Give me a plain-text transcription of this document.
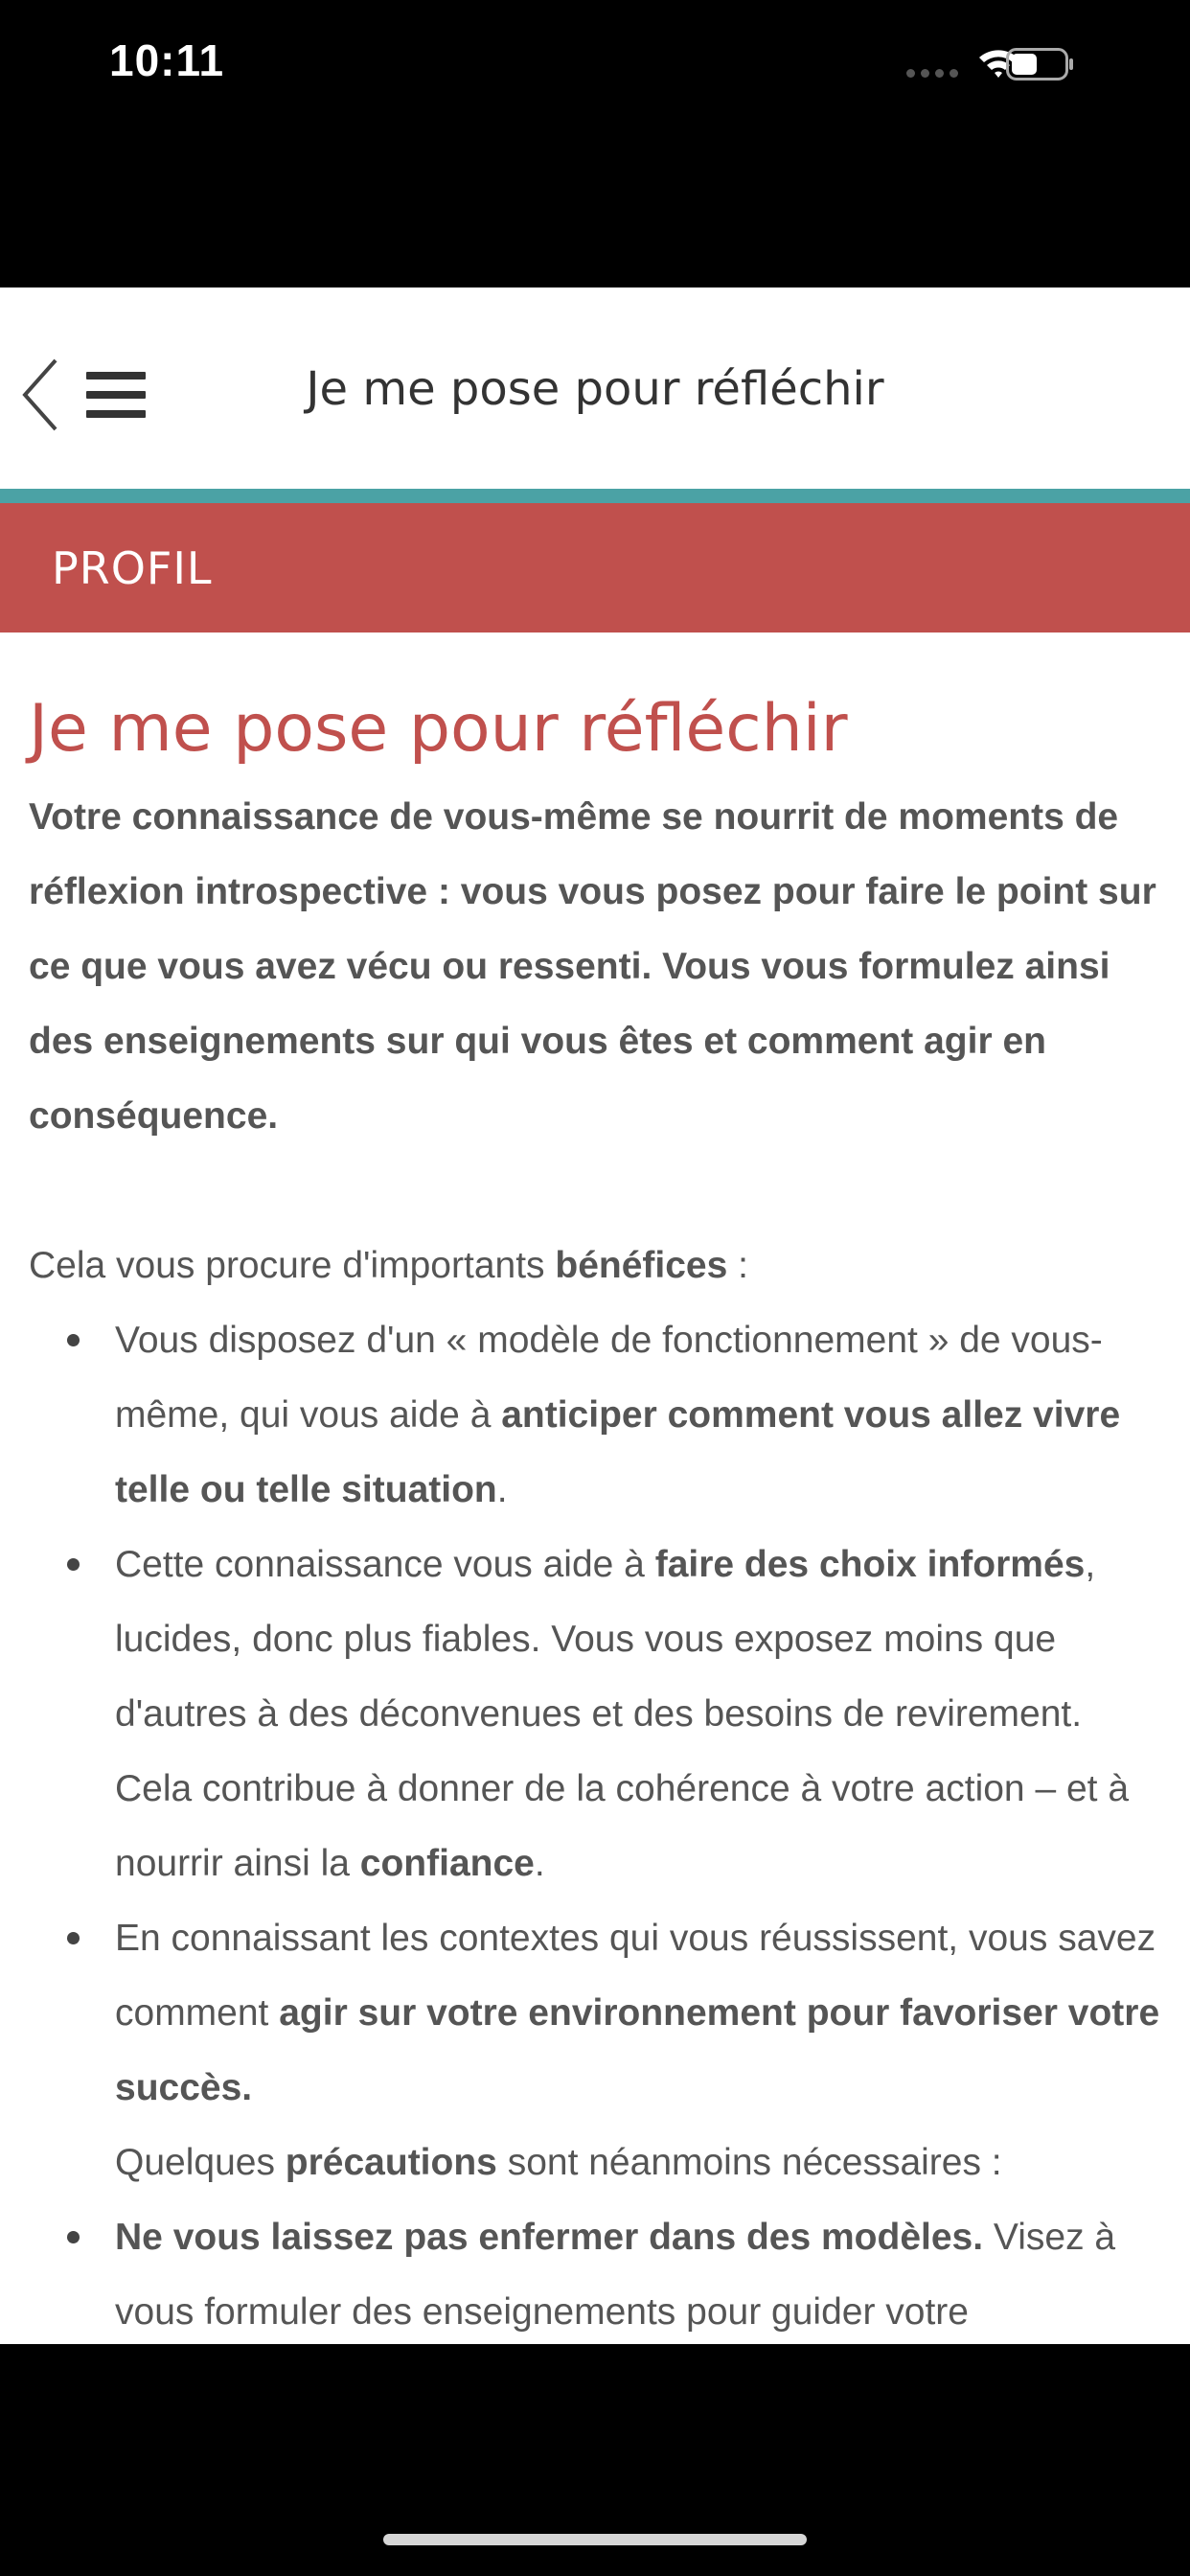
10:11
Je me pose pour réfléchir
PROFIL
Je me pose pour réfléchir

Votre connaissance de vous-même se nourrit de moments de réflexion introspective : vous vous posez pour faire le point sur ce que vous avez vécu ou ressenti. Vous vous formulez ainsi des enseignements sur qui vous êtes et comment agir en conséquence.

Cela vous procure d'importants bénéfices :

Vous disposez d'un « modèle de fonctionnement » de vous-même, qui vous aide à anticiper comment vous allez vivre telle ou telle situation.
Cette connaissance vous aide à faire des choix informés, lucides, donc plus fiables. Vous vous exposez moins que d'autres à des déconvenues et des besoins de revirement. Cela contribue à donner de la cohérence à votre action – et à nourrir ainsi la confiance.
En connaissant les contextes qui vous réussissent, vous savez comment agir sur votre environnement pour favoriser votre succès.
Quelques précautions sont néanmoins nécessaires :
Ne vous laissez pas enfermer dans des modèles. Visez à vous formuler des enseignements pour guider votre
